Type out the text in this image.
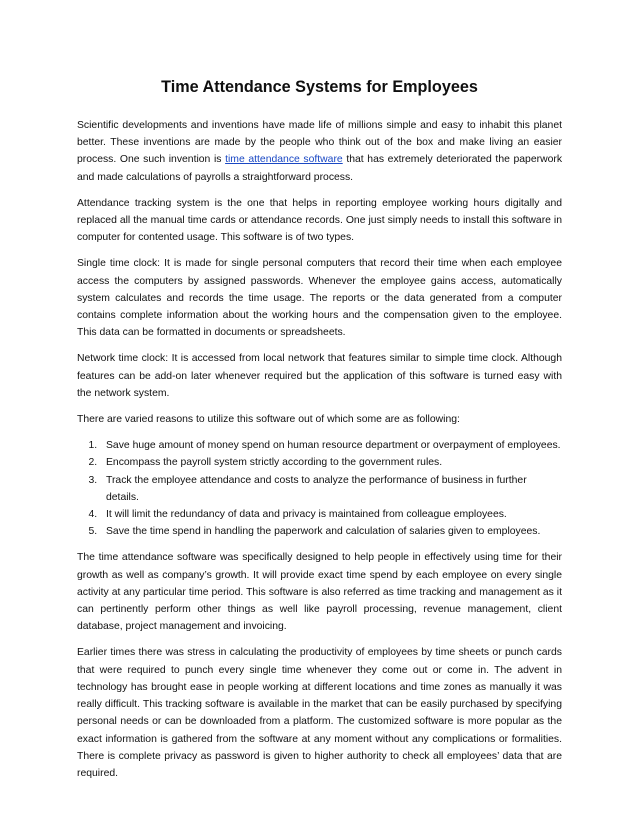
Time Attendance Systems for Employees

Scientific developments and inventions have made life of millions simple and easy to inhabit this planet better. These inventions are made by the people who think out of the box and make living an easier process. One such invention is time attendance software that has extremely deteriorated the paperwork and made calculations of payrolls a straightforward process.

Attendance tracking system is the one that helps in reporting employee working hours digitally and replaced all the manual time cards or attendance records. One just simply needs to install this software in computer for contented usage. This software is of two types.

Single time clock: It is made for single personal computers that record their time when each employee access the computers by assigned passwords. Whenever the employee gains access, automatically system calculates and records the time usage. The reports or the data generated from a computer contains complete information about the working hours and the compensation given to the employee. This data can be formatted in documents or spreadsheets.

Network time clock: It is accessed from local network that features similar to simple time clock. Although features can be add-on later whenever required but the application of this software is turned easy with the network system.

There are varied reasons to utilize this software out of which some are as following:

1. Save huge amount of money spend on human resource department or overpayment of employees.
2. Encompass the payroll system strictly according to the government rules.
3. Track the employee attendance and costs to analyze the performance of business in further details.
4. It will limit the redundancy of data and privacy is maintained from colleague employees.
5. Save the time spend in handling the paperwork and calculation of salaries given to employees.

The time attendance software was specifically designed to help people in effectively using time for their growth as well as company’s growth. It will provide exact time spend by each employee on every single activity at any particular time period. This software is also referred as time tracking and management as it can pertinently perform other things as well like payroll processing, revenue management, client database, project management and invoicing.

Earlier times there was stress in calculating the productivity of employees by time sheets or punch cards that were required to punch every single time whenever they come out or come in. The advent in technology has brought ease in people working at different locations and time zones as manually it was really difficult. This tracking software is available in the market that can be easily purchased by specifying personal needs or can be downloaded from a platform. The customized software is more popular as the exact information is gathered from the software at any moment without any complications or formalities. There is complete privacy as password is given to higher authority to check all employees’ data that are required.
